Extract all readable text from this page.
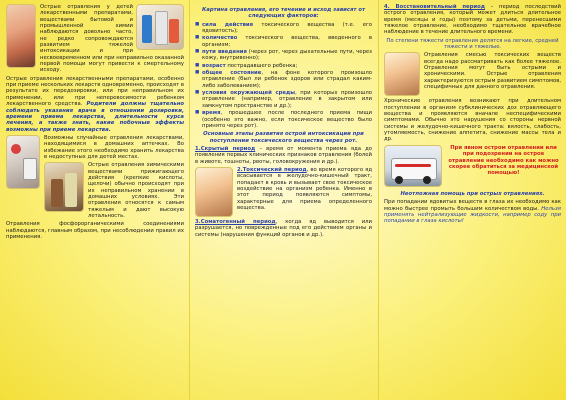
Острые отравления у детей лекарственными препаратами, веществами бытовой и промышленной химии наблюдаются довольно часто, не редко сопровождаются развитием тяжелой интоксикации и при несвоевременном или при неправильно оказанной первой помощи могут привести к смертельному исходу.

Острые отравления лекарственными препаратами, особенно при приеме нескольких лекарств одновременно, происходят в результате их передозировки, или при неправильном их применении, или при неперевосимости ребенком лекарственного средства. Родители должны тщательно соблюдать указания врача в отношении дозировки, времени приема лекарства, длительности курса лечения, а также знать, какие побочные эффекты возможны при приеме лекарства.

Возможны случайные отравления лекарствами, находящимися в домашних аптечках. Во избежание этого необходимо хранить лекарства в недоступных для детей местах.

Острые отравления химическими веществами прижигающего действия (крепкие кислоты, щелочи) обычно происходят при их неправильном хранении в домашних условиях. Эти отравления относятся к самым тяжелым и дают высокую летальность.

Отравления фосфорорганическими соединениями наблюдаются, главным образом, при несоблюдении правил их применения.

Картина отравления, его течение и исход зависят от следующих факторов:

■ сила действия токсического вещества (т.е. его ядовитость);
■ количество токсического вещества, введенного в организм;
■ пути введения (через рот, через дыхательные пути, через кожу, внутривенно);
■ возраст пострадавшего ребенка;
■ общее состояние, на фоне которого произошло отравление (был ли ребенок здоров или страдал каким-либо заболеванием);
■ условия окружающей среды, при которых произошло отравление (например, отравление в закрытом или замкнутом пространстве и др.);
■ время, прошедшее после последнего приема пищи (особенно это важно, если токсическое вещество было принято через рот).

Основные этапы развития острой интоксикации при поступлении токсического вещества через рот.

1.Скрытый период – время от момента приема яда до появления первых клинических признаков отравления (болей в животе, тошноты, рвоты, головокружения и др.).

2.Токсический период, во время которого яд всасывается в желудочно-кишечный тракт, попадает в кровь и вызывает свое токсическое воздействие на организм ребенка. Именно в этот период появляются симптомы, характерные для приема определенного вещества.

3.Соматогенный период, когда яд выводится или разрушается, но поврежденные под его действием органы и системы (нарушения функций органов и др.).

4. Восстановительный период – период последствий острого отравления, который может длиться длительное время (месяцы и годы) поэтому за детьми, перенесшими тяжелое отравление, необходимо тщательное врачебное наблюдение в течение длительного времени.

По степени тяжести отравления делятся на легкие, средней тяжести и тяжелые.

Отравления смесью токсических веществ всегда надо рассматривать как более тяжелое. Отравления могут быть острыми и хроническими. Острые отравления характеризуются острым развитием симптомов, специфичных для данного отравления.

Хронические отравления возникают при длительном поступлении в организм субклинических доз отравляющего вещества и проявляются вначале неспецифическими симптомами. Обычно это нарушения со стороны нервной системы и желудочно-кишечного тракта: вялость, слабость, утомляемость, снижение аппетита, снижение массы тела и др.

При явном остром отравлении или при подозрении на острое отравление необходимо как можно скорее обратиться за медицинской помощью!

Неотложная помощь при острых отравлениях.

При попадании ядовитых веществ в глаза их необходимо как можно быстрее промыть большим количеством воды. Нельзя применять нейтрализующие жидкости, например соду при попадании в глаза кислоты!
